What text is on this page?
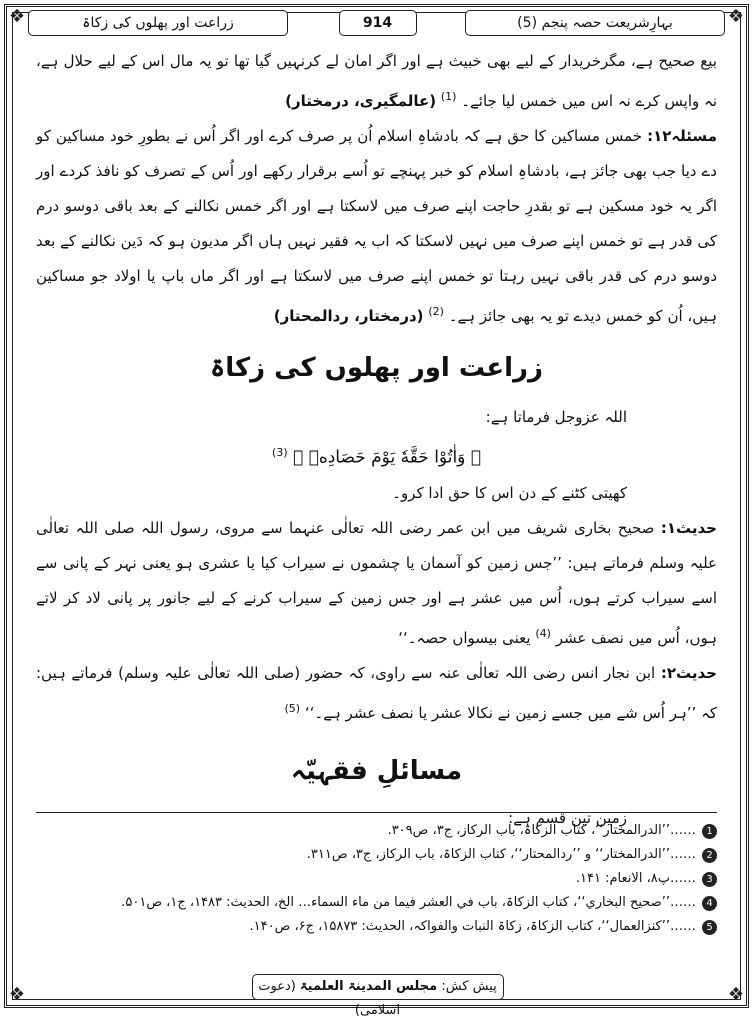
❖	❖
❖	❖
بہارِشریعت حصہ پنجم (5)
914
زراعت اور پھلوں کی زکاۃ

بیع صحیح ہے، مگرخریدار کے لیے بھی خبیث ہے اور اگر امان لے کرنہیں گیا تھا تو یہ مال اس کے لیے حلال ہے، نہ واپس کرے نہ اس میں خمس لیا جائے۔ $^{(1)}$ (عالمگیری، درمختار)

مسئلہ۱۲: خمس مساکین کا حق ہے کہ بادشاہِ اسلام اُن پر صرف کرے اور اگر اُس نے بطورِ خود مساکین کو دے دیا جب بھی جائز ہے، بادشاہِ اسلام کو خبر پہنچے تو اُسے برقرار رکھے اور اُس کے تصرف کو نافذ کردے اور اگر یہ خود مسکین ہے تو بقدرِ حاجت اپنے صرف میں لاسکتا ہے اور اگر خمس نکالنے کے بعد باقی دوسو درم کی قدر ہے تو خمس اپنے صرف میں نہیں لاسکتا کہ اب یہ فقیر نہیں ہاں اگر مدیون ہو کہ دَین نکالنے کے بعد دوسو درم کی قدر باقی نہیں رہتا تو خمس اپنے صرف میں لاسکتا ہے اور اگر ماں باپ یا اولاد جو مساکین ہیں، اُن کو خمس دیدے تو یہ بھی جائز ہے۔ $^{(2)}$ (درمختار، ردالمحتار)

زراعت اور پھلوں کی زکاۃ

اللہ عزوجل فرماتا ہے:

﴿ وَاٰتُوْا حَقَّهٗ يَوْمَ حَصَادِهٖ ﴾ $^{(3)}$

کھیتی کٹنے کے دن اس کا حق ادا کرو۔

حدیث۱: صحیح بخاری شریف میں ابن عمر رضی اللہ تعالٰی عنہما سے مروی، رسول اللہ صلی اللہ تعالٰی علیہ وسلم فرماتے ہیں: ’’جس زمین کو آسمان یا چشموں نے سیراب کیا یا عشری ہو یعنی نہر کے پانی سے اسے سیراب کرتے ہوں، اُس میں عشر ہے اور جس زمین کے سیراب کرنے کے لیے جانور پر پانی لاد کر لاتے ہوں، اُس میں نصف عشر $^{(4)}$ یعنی بیسواں حصہ۔‘‘

حدیث۲: ابن نجار انس رضی اللہ تعالٰی عنہ سے راوی، کہ حضور (صلی اللہ تعالٰی علیہ وسلم) فرماتے ہیں: کہ ’’ہر اُس شے میں جسے زمین نے نکالا عشر یا نصف عشر ہے۔‘‘ $^{(5)}$

مسائلِ فقہیّہ

زمین تین قسم ہے:

1
……’’الدرالمختار‘‘، کتاب الزکاۃ، باب الرکاز، ج۳، ص۳۰۹.
2
……’’الدرالمختار‘‘ و ’’ردالمحتار‘‘، کتاب الزکاۃ، باب الرکاز، ج۳، ص۳۱۱.
3
……پ۸، الانعام: ۱۴۱.
4
……’’صحیح البخاري‘‘، کتاب الزکاۃ، باب في العشر فیما من ماء السماء… الخ، الحدیث: ۱۴۸۳، ج۱، ص۵۰۱.
5
……’’کنزالعمال‘‘، کتاب الزکاۃ، زکاۃ النبات والفواکہ، الحدیث: ۱۵۸۷۳، ج۶، ص۱۴۰.
پیش کش: مجلس المدینۃ العلمیۃ (دعوت اسلامی)
